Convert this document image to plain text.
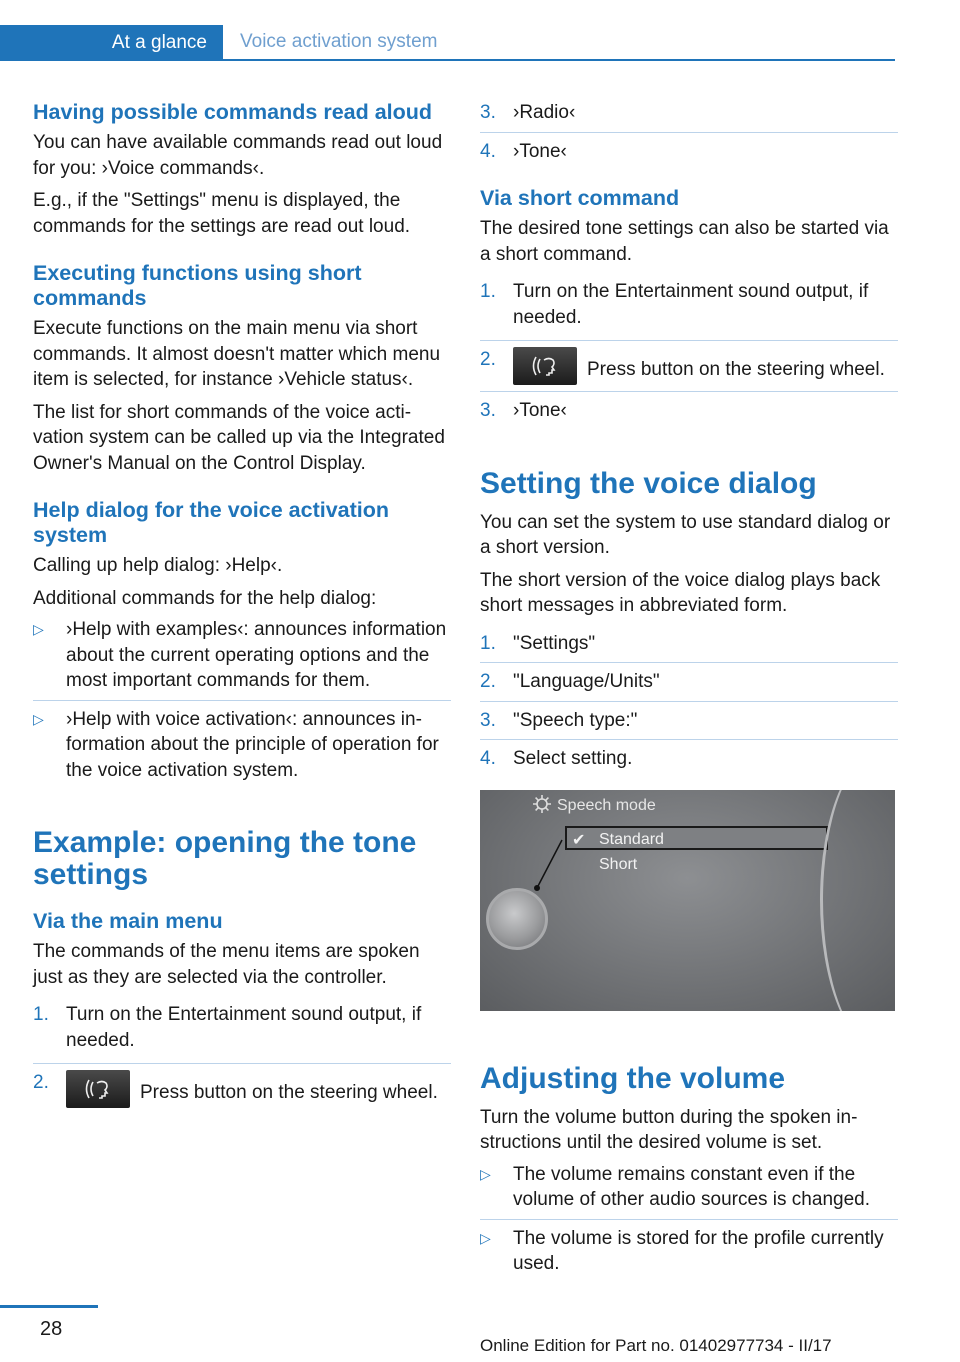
At a glance Voice activation system
Having possible commands read aloud

You can have available commands read out loud for you: ›Voice commands‹.

E.g., if the "Settings" menu is displayed, the commands for the settings are read out loud.

Executing functions using short commands

Execute functions on the main menu via short commands. It almost doesn't matter which menu item is selected, for instance ›Vehicle status‹.

The list for short commands of the voice activation system can be called up via the Integrated Owner's Manual on the Control Display.

Help dialog for the voice activation system

Calling up help dialog: ›Help‹.

Additional commands for the help dialog:

▷ ›Help with examples‹: announces information about the current operating options and the most important commands for them.
▷ ›Help with voice activation‹: announces information about the principle of operation for the voice activation system.
Example: opening the tone settings
Via the main menu

The commands of the menu items are spoken just as they are selected via the controller.

1. Turn on the Entertainment sound output, if needed.
2.	Press button on the steering wheel.
3. ›Radio‹
4. ›Tone‹
Via short command

The desired tone settings can also be started via a short command.

1. Turn on the Entertainment sound output, if needed.
2.	Press button on the steering wheel.
3. ›Tone‹
Setting the voice dialog

You can set the system to use standard dialog or a short version.

The short version of the voice dialog plays back short messages in abbreviated form.

1. "Settings"
2. "Language/Units"
3. "Speech type:"
4. Select setting.
Speech mode
✔ Standard
Short
Adjusting the volume

Turn the volume button during the spoken instructions until the desired volume is set.

▷ The volume remains constant even if the volume of other audio sources is changed.
▷ The volume is stored for the profile currently used.
28
Online Edition for Part no. 01402977734 - II/17
